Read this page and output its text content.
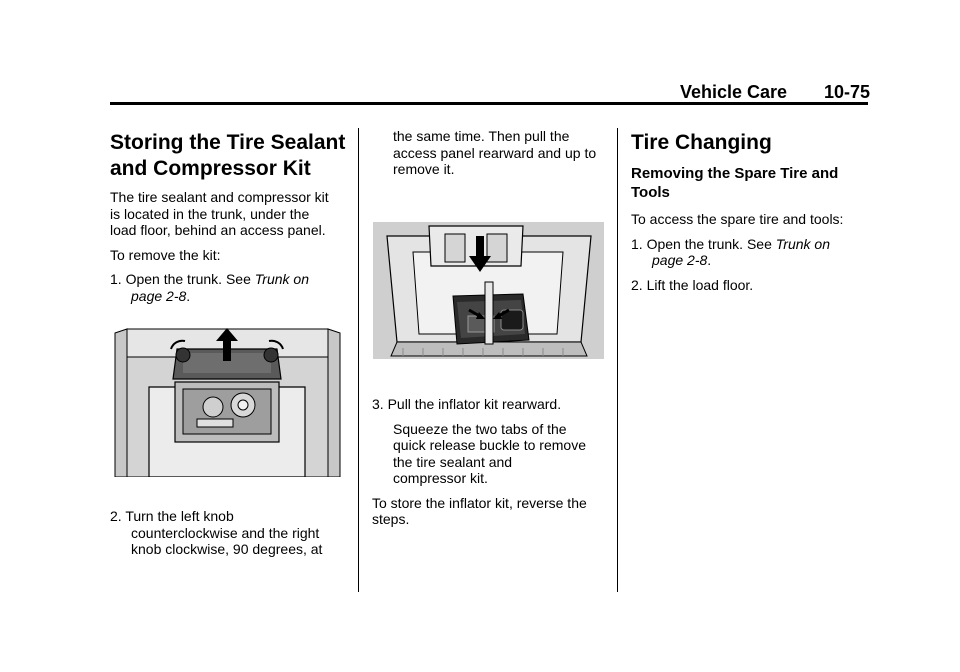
Vehicle Care 10-75
Storing the Tire Sealant
and Compressor Kit
The tire sealant and compressor kit
is located in the trunk, under the
load floor, behind an access panel.
To remove the kit:
1. Open the trunk. See Trunk on
page 2-8.
2. Turn the left knob
counterclockwise and the right
knob clockwise, 90 degrees, at
the same time. Then pull the
access panel rearward and up to
remove it.
3. Pull the inflator kit rearward.
Squeeze the two tabs of the
quick release buckle to remove
the tire sealant and
compressor kit.
To store the inflator kit, reverse the
steps.
Tire Changing
Removing the Spare Tire and
Tools
To access the spare tire and tools:
1. Open the trunk. See Trunk on
page 2-8.
2. Lift the load floor.
